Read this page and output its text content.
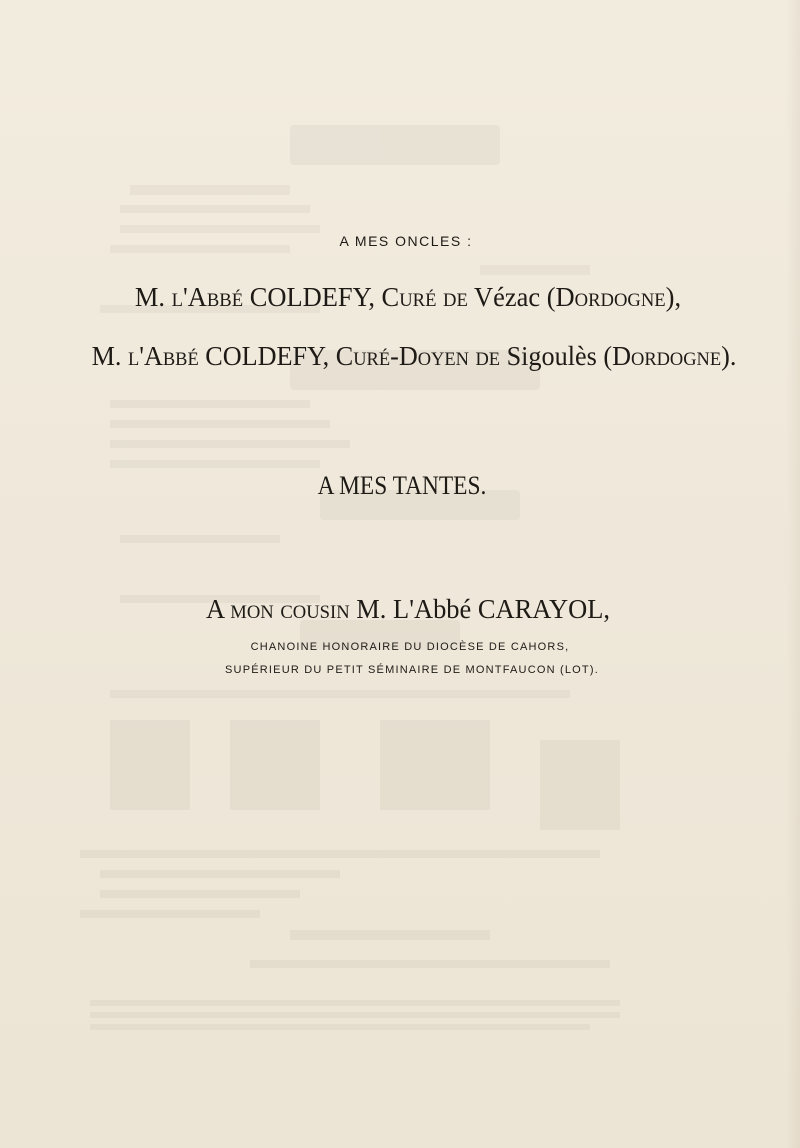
A MES ONCLES :
M. l'Abbé COLDEFY, Curé de Vézac (Dordogne),
M. l'Abbé COLDEFY, Curé-Doyen de Sigoulès (Dordogne).
A MES TANTES.
A mon cousin M. L'Abbé CARAYOL,
CHANOINE HONORAIRE DU DIOCÈSE DE CAHORS,
SUPÉRIEUR DU PETIT SÉMINAIRE DE MONTFAUCON (LOT).
